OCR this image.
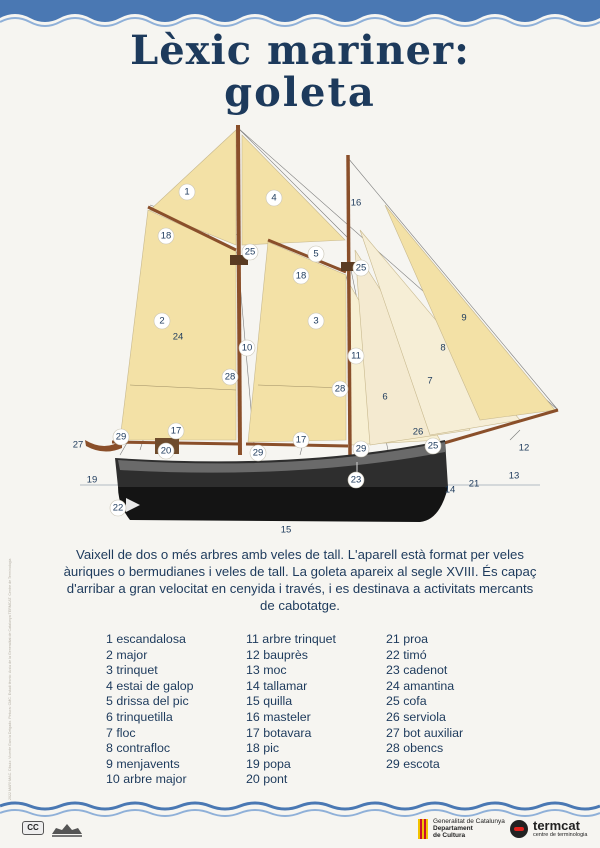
Lèxic mariner:
goleta
1
2	3
4
5
6
7
8
9
10
11
12
13
14
15
16
17
17
18
18
19
20
21
22
23
24
25
25
25
26
27
28
28
29
29	29

Vaixell de dos o més arbres amb veles de tall. L'aparell està format per veles àuriques o bermudianes i veles de tall. La goleta apareix al segle XVIII. És capaç d'arribar a gran velocitat en cenyida i través, i es destinava a activitats mercants de cabotatge.

1 escandalosa
2 major
3 trinquet
4 estai de galop
5 drissa del pic
6 trinquetilla
7 floc
8 contrafloc
9 menjavents
10 arbre major
11 arbre trinquet
12 bauprès
13 moc
14 tallamar
15 quilla
16 masteler
17 botavara
18 pic
19 popa
20 pont
21 proa
22 timó
23 cadenot
24 amantina
25 cofa
26 serviola
27 bot auxiliar
28 obencs
29 escota
2022 MARÍ·MAC. Dibuix: Vicente García Delgado. Pintura: CMC. Estudi tècnic: Arxiu de la Generalitat de Catalunya TERMCAT. Centre de Terminologia
CC
Generalitat de Catalunya
Departament
de Cultura
termcat
centre de terminologia
